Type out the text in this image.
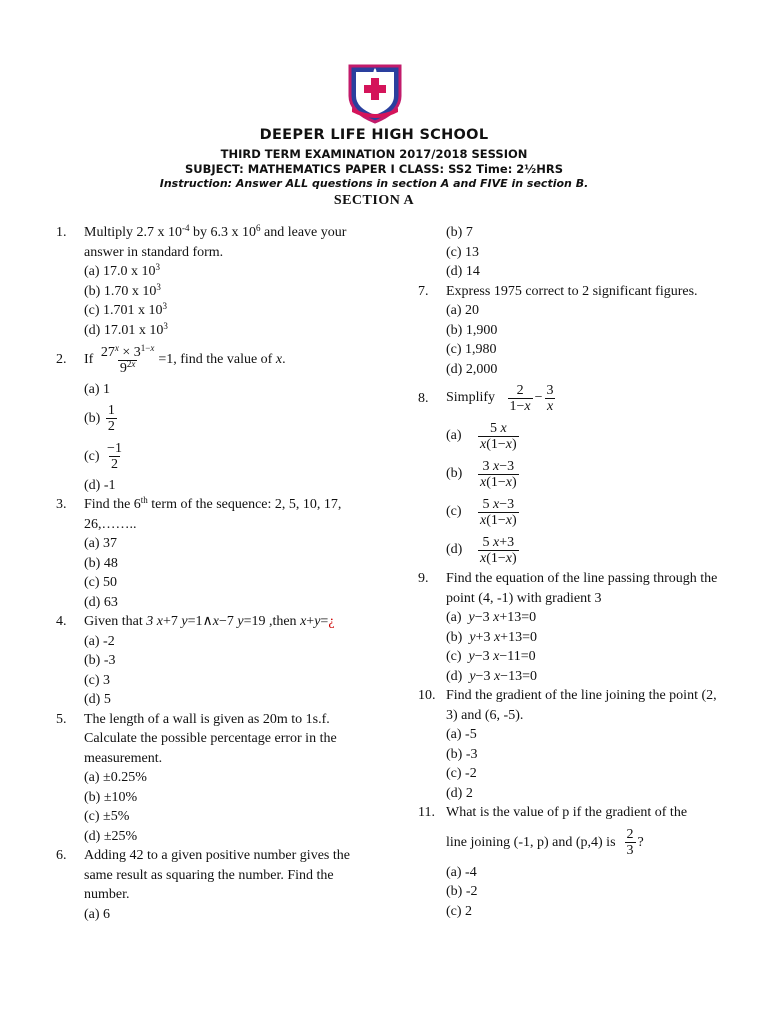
DEEPER LIFE HIGH SCHOOL
THIRD TERM EXAMINATION 2017/2018 SESSION
SUBJECT: MATHEMATICS PAPER I CLASS: SS2 Time: 2½HRS
Instruction: Answer ALL questions in section A and FIVE in section B.
SECTION A
1. Multiply 2.7 x $10^{-4}$ by 6.3 x $10^6$ and leave your answer in standard form.
(a) 17.0 x $10^3$
(b) 1.70 x $10^3$
(c) 1.701 x $10^3$
(d) 17.01 x $10^3$
2. If $\frac{27^x \times 3^{1-x}}{9^{2x}} =1$, find the value of x.
(a) 1
(b)
$\frac{1}{2}$
(c)
$\frac{-1}{2}$
(d) -1
3. Find the 6th term of the sequence: 2, 5, 10, 17, 26,……..
(a) 37
(b) 48
(c) 50
(d) 63
4. Given that 3 x+7 y=1∧x−7 y=19 ,then x+y=¿
(a) -2
(b) -3
(c) 3
(d) 5
5. The length of a wall is given as 20m to 1s.f. Calculate the possible percentage error in the measurement.
(a) ±0.25%
(b) ±10%
(c) ±5%
(d) ±25%
6. Adding 42 to a given positive number gives the same result as squaring the number. Find the number.
(a) 6
(b) 7
(c) 13
(d) 14
7. Express 1975 correct to 2 significant figures.
(a) 20
(b) 1,900
(c) 1,980
(d) 2,000
8. Simplify $\frac{2}{1-x} - \frac{3}{x}$
(a)	$\frac{5 x}{x(1-x)}$
(b)	$\frac{3 x-3}{x(1-x)}$
(c)	$\frac{5 x-3}{x(1-x)}$
(d)	$\frac{5 x+3}{x(1-x)}$
9. Find the equation of the line passing through the point (4, -1) with gradient 3
(a)  y−3 x+13=0
(b)  y+3 x+13=0
(c)  y−3 x−11=0
(d)  y−3 x−13=0
10. Find the gradient of the line joining the point (2, 3) and (6, -5).
(a) -5
(b) -3
(c) -2
(d) 2
11. What is the value of p if the gradient of the
line joining (-1, p) and (p,4) is $\frac{2}{3}$ ?
(a) -4
(b) -2
(c) 2
